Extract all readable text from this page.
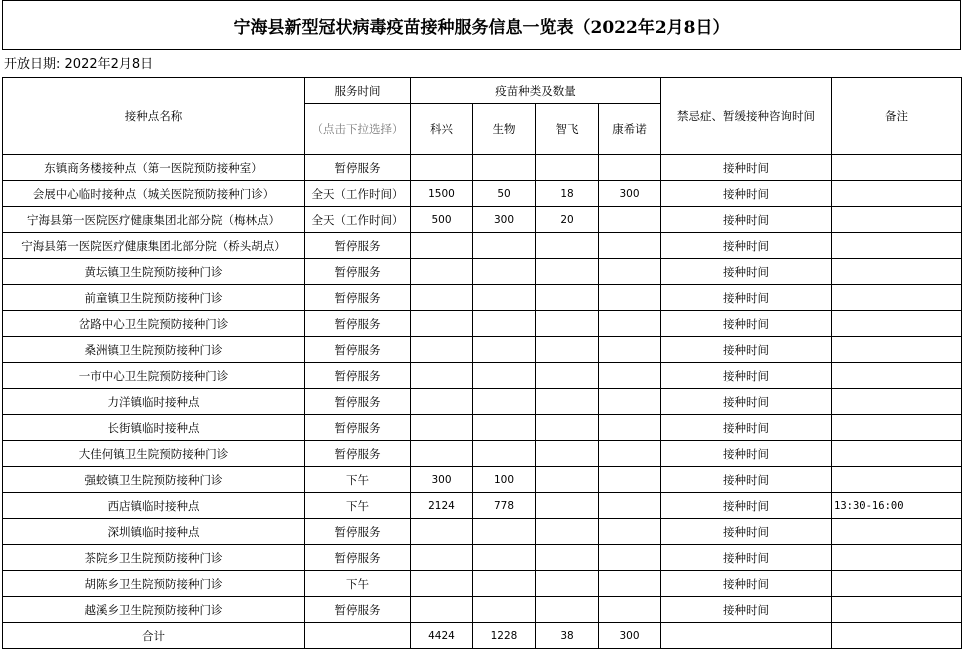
宁海县新型冠状病毒疫苗接种服务信息一览表（2022年2月8日）
开放日期: 2022年2月8日
接种点名称	服务时间	疫苗种类及数量				禁忌症、暂缓接种咨询时间	备注
	（点击下拉选择）	科兴	生物	智飞	康希诺		
东镇商务楼接种点（第一医院预防接种室）	暂停服务					接种时间	
会展中心临时接种点（城关医院预防接种门诊）	全天（工作时间）	1500	50	18	300	接种时间	
宁海县第一医院医疗健康集团北部分院（梅林点）	全天（工作时间）	500	300	20		接种时间	
宁海县第一医院医疗健康集团北部分院（桥头胡点）	暂停服务					接种时间	
黄坛镇卫生院预防接种门诊	暂停服务					接种时间	
前童镇卫生院预防接种门诊	暂停服务					接种时间	
岔路中心卫生院预防接种门诊	暂停服务					接种时间	
桑洲镇卫生院预防接种门诊	暂停服务					接种时间	
一市中心卫生院预防接种门诊	暂停服务					接种时间	
力洋镇临时接种点	暂停服务					接种时间	
长街镇临时接种点	暂停服务					接种时间	
大佳何镇卫生院预防接种门诊	暂停服务					接种时间	
强蛟镇卫生院预防接种门诊	下午	300	100			接种时间	
西店镇临时接种点	下午	2124	778			接种时间	13:30-16:00
深圳镇临时接种点	暂停服务					接种时间	
茶院乡卫生院预防接种门诊	暂停服务					接种时间	
胡陈乡卫生院预防接种门诊	下午					接种时间	
越溪乡卫生院预防接种门诊	暂停服务					接种时间	
合计		4424	1228	38	300		
